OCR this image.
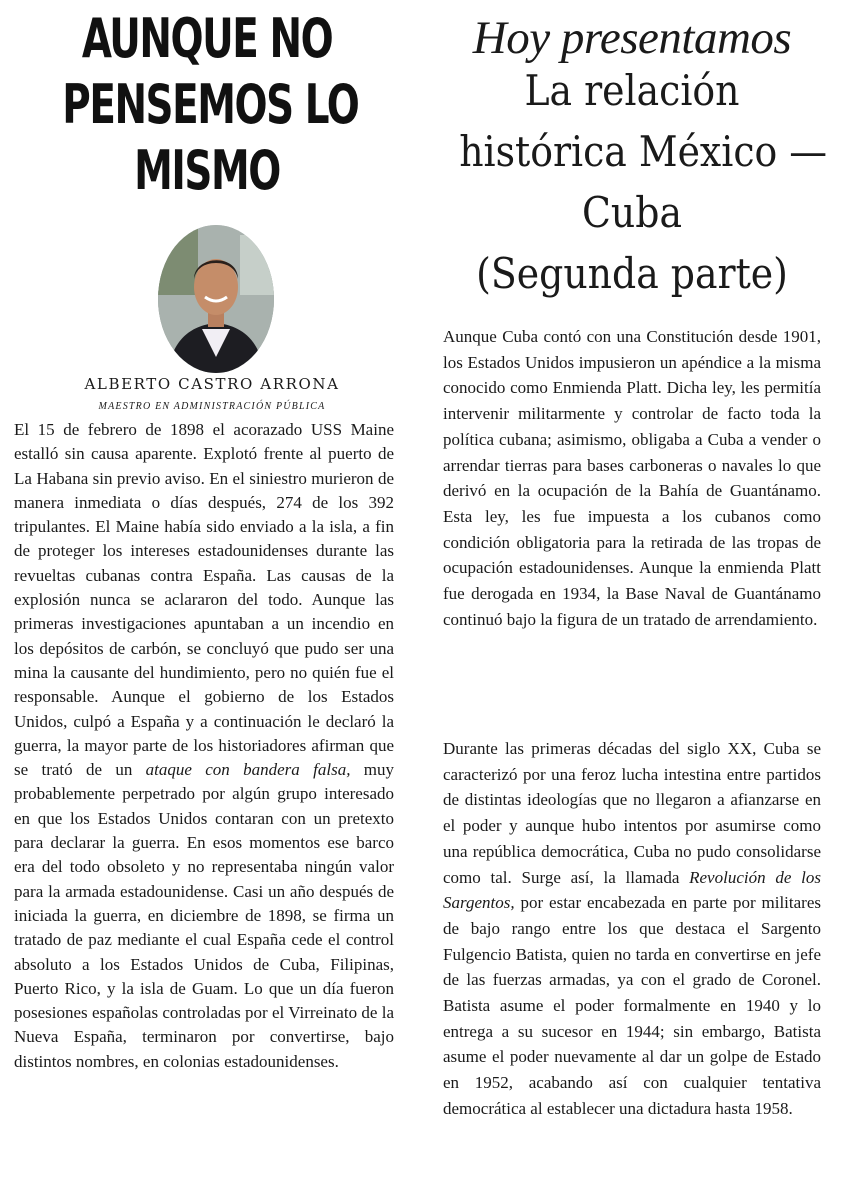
AUNQUE NO
PENSEMOS LO
MISMO
ALBERTO CASTRO ARRONA
MAESTRO EN ADMINISTRACIÓN PÚBLICA

El 15 de febrero de 1898 el acorazado USS Maine estalló sin causa aparente. Explotó frente al puerto de La Habana sin previo aviso. En el siniestro murieron de manera inmediata o días después, 274 de los 392 tripulantes. El Maine había sido enviado a la isla, a fin de proteger los intereses estadounidenses durante las revueltas cubanas contra España. Las causas de la explosión nunca se aclararon del todo. Aunque las primeras investigaciones apuntaban a un incendio en los depósitos de carbón, se concluyó que pudo ser una mina la causante del hundimiento, pero no quién fue el responsable. Aunque el gobierno de los Estados Unidos, culpó a España y a continuación le declaró la guerra, la mayor parte de los historiadores afirman que se trató de un ataque con bandera falsa, muy probablemente perpetrado por algún grupo interesado en que los Estados Unidos contaran con un pretexto para declarar la guerra. En esos momentos ese barco era del todo obsoleto y no representaba ningún valor para la armada estadounidense. Casi un año después de iniciada la guerra, en diciembre de 1898, se firma un tratado de paz mediante el cual España cede el control absoluto a los Estados Unidos de Cuba, Filipinas, Puerto Rico, y la isla de Guam. Lo que un día fueron posesiones españolas controladas por el Virreinato de la Nueva España, terminaron por convertirse, bajo distintos nombres, en colonias estadounidenses.

Hoy presentamos
La relación
histórica México —
Cuba
(Segunda parte)

Aunque Cuba contó con una Constitución desde 1901, los Estados Unidos impusieron un apéndice a la misma conocido como Enmienda Platt. Dicha ley, les permitía intervenir militarmente y controlar de facto toda la política cubana; asimismo, obligaba a Cuba a vender o arrendar tierras para bases carboneras o navales lo que derivó en la ocupación de la Bahía de Guantánamo. Esta ley, les fue impuesta a los cubanos como condición obligatoria para la retirada de las tropas de ocupación estadounidenses. Aunque la enmienda Platt fue derogada en 1934, la Base Naval de Guantánamo continuó bajo la figura de un tratado de arrendamiento.

Durante las primeras décadas del siglo XX, Cuba se caracterizó por una feroz lucha intestina entre partidos de distintas ideologías que no llegaron a afianzarse en el poder y aunque hubo intentos por asumirse como una república democrática, Cuba no pudo consolidarse como tal. Surge así, la llamada Revolución de los Sargentos, por estar encabezada en parte por militares de bajo rango entre los que destaca el Sargento Fulgencio Batista, quien no tarda en convertirse en jefe de las fuerzas armadas, ya con el grado de Coronel. Batista asume el poder formalmente en 1940 y lo entrega a su sucesor en 1944; sin embargo, Batista asume el poder nuevamente al dar un golpe de Estado en 1952, acabando así con cualquier tentativa democrática al establecer una dictadura hasta 1958.
